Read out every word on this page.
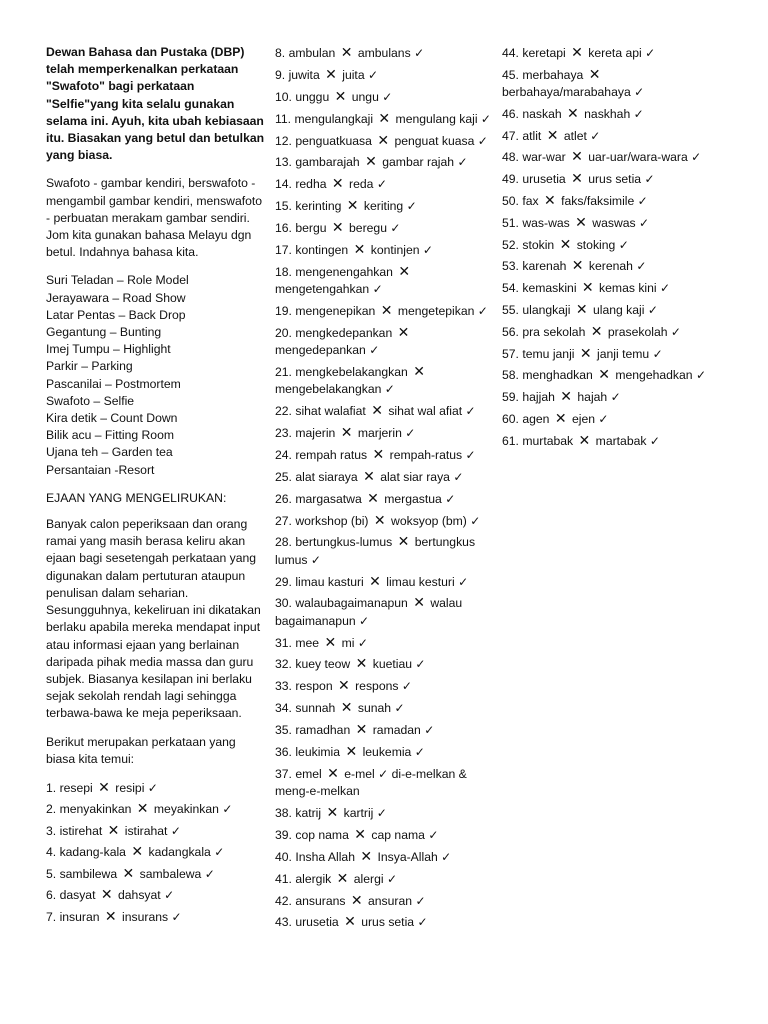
Dewan Bahasa dan Pustaka (DBP) telah memperkenalkan perkataan "Swafoto" bagi perkataan "Selfie"yang kita selalu gunakan selama ini. Ayuh, kita ubah kebiasaan itu. Biasakan yang betul dan betulkan yang biasa.

Swafoto - gambar kendiri, berswafoto - mengambil gambar kendiri, menswafoto - perbuatan merakam gambar sendiri. Jom kita gunakan bahasa Melayu dgn betul. Indahnya bahasa kita.

Suri Teladan – Role Model
Jerayawara – Road Show
Latar Pentas – Back Drop
Gegantung – Bunting
Imej Tumpu – Highlight
Parkir – Parking
Pascanilai – Postmortem
Swafoto – Selfie
Kira detik – Count Down
Bilik acu – Fitting Room
Ujana teh – Garden tea
Persantaian -Resort

EJAAN YANG MENGELIRUKAN:

Banyak calon peperiksaan dan orang ramai yang masih berasa keliru akan ejaan bagi sesetengah perkataan yang digunakan dalam pertuturan ataupun penulisan dalam seharian. Sesungguhnya, kekeliruan ini dikatakan berlaku apabila mereka mendapat input atau informasi ejaan yang berlainan daripada pihak media massa dan guru subjek. Biasanya kesilapan ini berlaku sejak sekolah rendah lagi sehingga terbawa-bawa ke meja peperiksaan.

Berikut merupakan perkataan yang biasa kita temui:

1. resepi ✕ resipi ✓
2. menyakinkan ✕ meyakinkan ✓
3. istirehat ✕ istirahat ✓
4. kadang-kala ✕ kadangkala ✓
5. sambilewa ✕ sambalewa ✓
6. dasyat ✕ dahsyat ✓
7. insuran ✕ insurans ✓
8. ambulan ✕ ambulans ✓
9. juwita ✕ juita ✓
10. unggu ✕ ungu ✓
11. mengulangkaji ✕ mengulang kaji ✓
12. penguatkuasa ✕ penguat kuasa ✓
13. gambarajah ✕ gambar rajah ✓
14. redha ✕ reda ✓
15. kerinting ✕ keriting ✓
16. bergu ✕ beregu ✓
17. kontingen ✕ kontinjen ✓
18. mengenengahkan ✕ mengetengahkan ✓
19. mengenepikan ✕ mengetepikan ✓
20. mengkedepankan ✕ mengedepankan ✓
21. mengkebelakangkan ✕ mengebelakangkan ✓
22. sihat walafiat ✕ sihat wal afiat ✓
23. majerin ✕ marjerin ✓
24. rempah ratus ✕ rempah-ratus ✓
25. alat siaraya ✕ alat siar raya ✓
26. margasatwa ✕ mergastua ✓
27. workshop (bi) ✕ woksyop (bm) ✓
28. bertungkus-lumus ✕ bertungkus lumus ✓
29. limau kasturi ✕ limau kesturi ✓
30. walaubagaimanapun ✕ walau bagaimanapun ✓
31. mee ✕ mi ✓
32. kuey teow ✕ kuetiau ✓
33. respon ✕ respons ✓
34. sunnah ✕ sunah ✓
35. ramadhan ✕ ramadan ✓
36. leukimia ✕ leukemia ✓
37. emel ✕ e-mel ✓ di-e-melkan & meng-e-melkan
38. katrij ✕ kartrij ✓
39. cop nama ✕ cap nama ✓
40. Insha Allah ✕ Insya-Allah ✓
41. alergik ✕ alergi ✓
42. ansurans ✕ ansuran ✓
43. urusetia ✕ urus setia ✓
44. keretapi ✕ kereta api ✓
45. merbahaya ✕ berbahaya/marabahaya ✓
46. naskah ✕ naskhah ✓
47. atlit ✕ atlet ✓
48. war-war ✕ uar-uar/wara-wara ✓
49. urusetia ✕ urus setia ✓
50. fax ✕ faks/faksimile ✓
51. was-was ✕ waswas ✓
52. stokin ✕ stoking ✓
53. karenah ✕ kerenah ✓
54. kemaskini ✕ kemas kini ✓
55. ulangkaji ✕ ulang kaji ✓
56. pra sekolah ✕ prasekolah ✓
57. temu janji ✕ janji temu ✓
58. menghadkan ✕ mengehadkan ✓
59. hajjah ✕ hajah ✓
60. agen ✕ ejen ✓
61. murtabak ✕ martabak ✓
